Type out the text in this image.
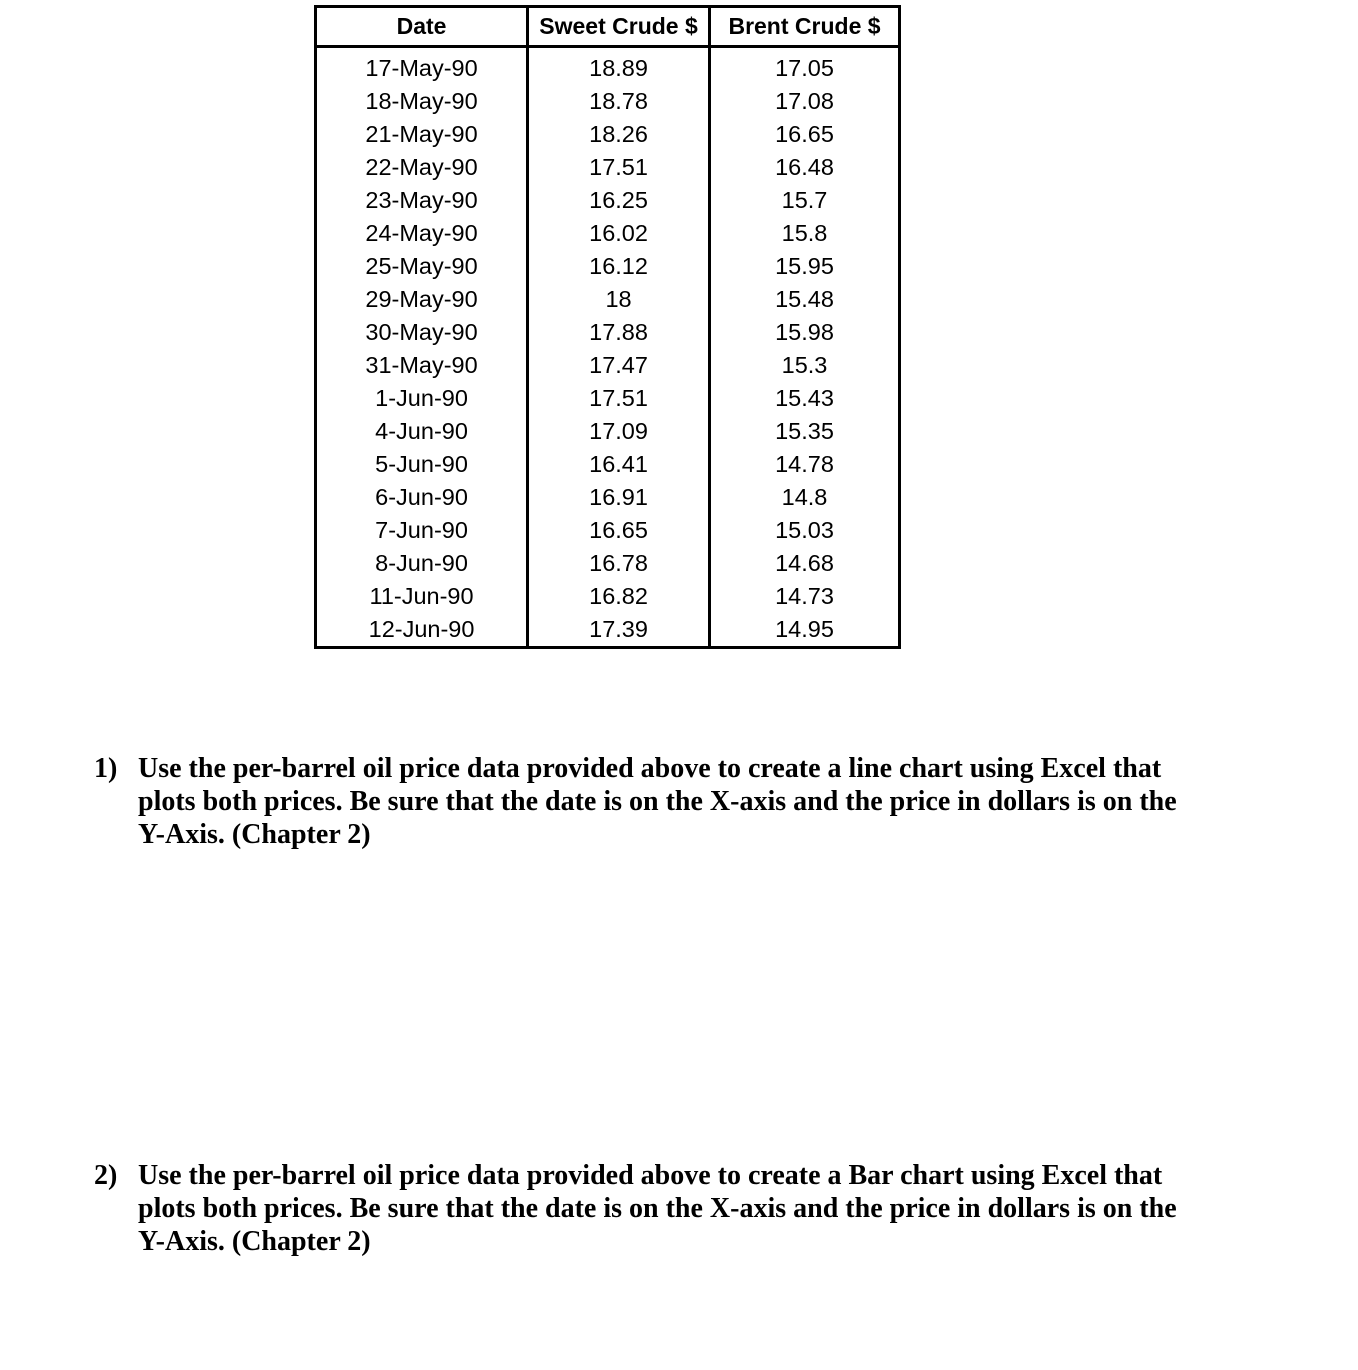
Date	Sweet Crude $	Brent Crude $
17-May-90	18.89	17.05
18-May-90	18.78	17.08
21-May-90	18.26	16.65
22-May-90	17.51	16.48
23-May-90	16.25	15.7
24-May-90	16.02	15.8
25-May-90	16.12	15.95
29-May-90	18	15.48
30-May-90	17.88	15.98
31-May-90	17.47	15.3
1-Jun-90	17.51	15.43
4-Jun-90	17.09	15.35
5-Jun-90	16.41	14.78
6-Jun-90	16.91	14.8
7-Jun-90	16.65	15.03
8-Jun-90	16.78	14.68
11-Jun-90	16.82	14.73
12-Jun-90	17.39	14.95
1) Use the per-barrel oil price data provided above to create a line chart using Excel that plots both prices. Be sure that the date is on the X-axis and the price in dollars is on the Y-Axis. (Chapter 2)
2) Use the per-barrel oil price data provided above to create a Bar chart using Excel that plots both prices. Be sure that the date is on the X-axis and the price in dollars is on the Y-Axis. (Chapter 2)
